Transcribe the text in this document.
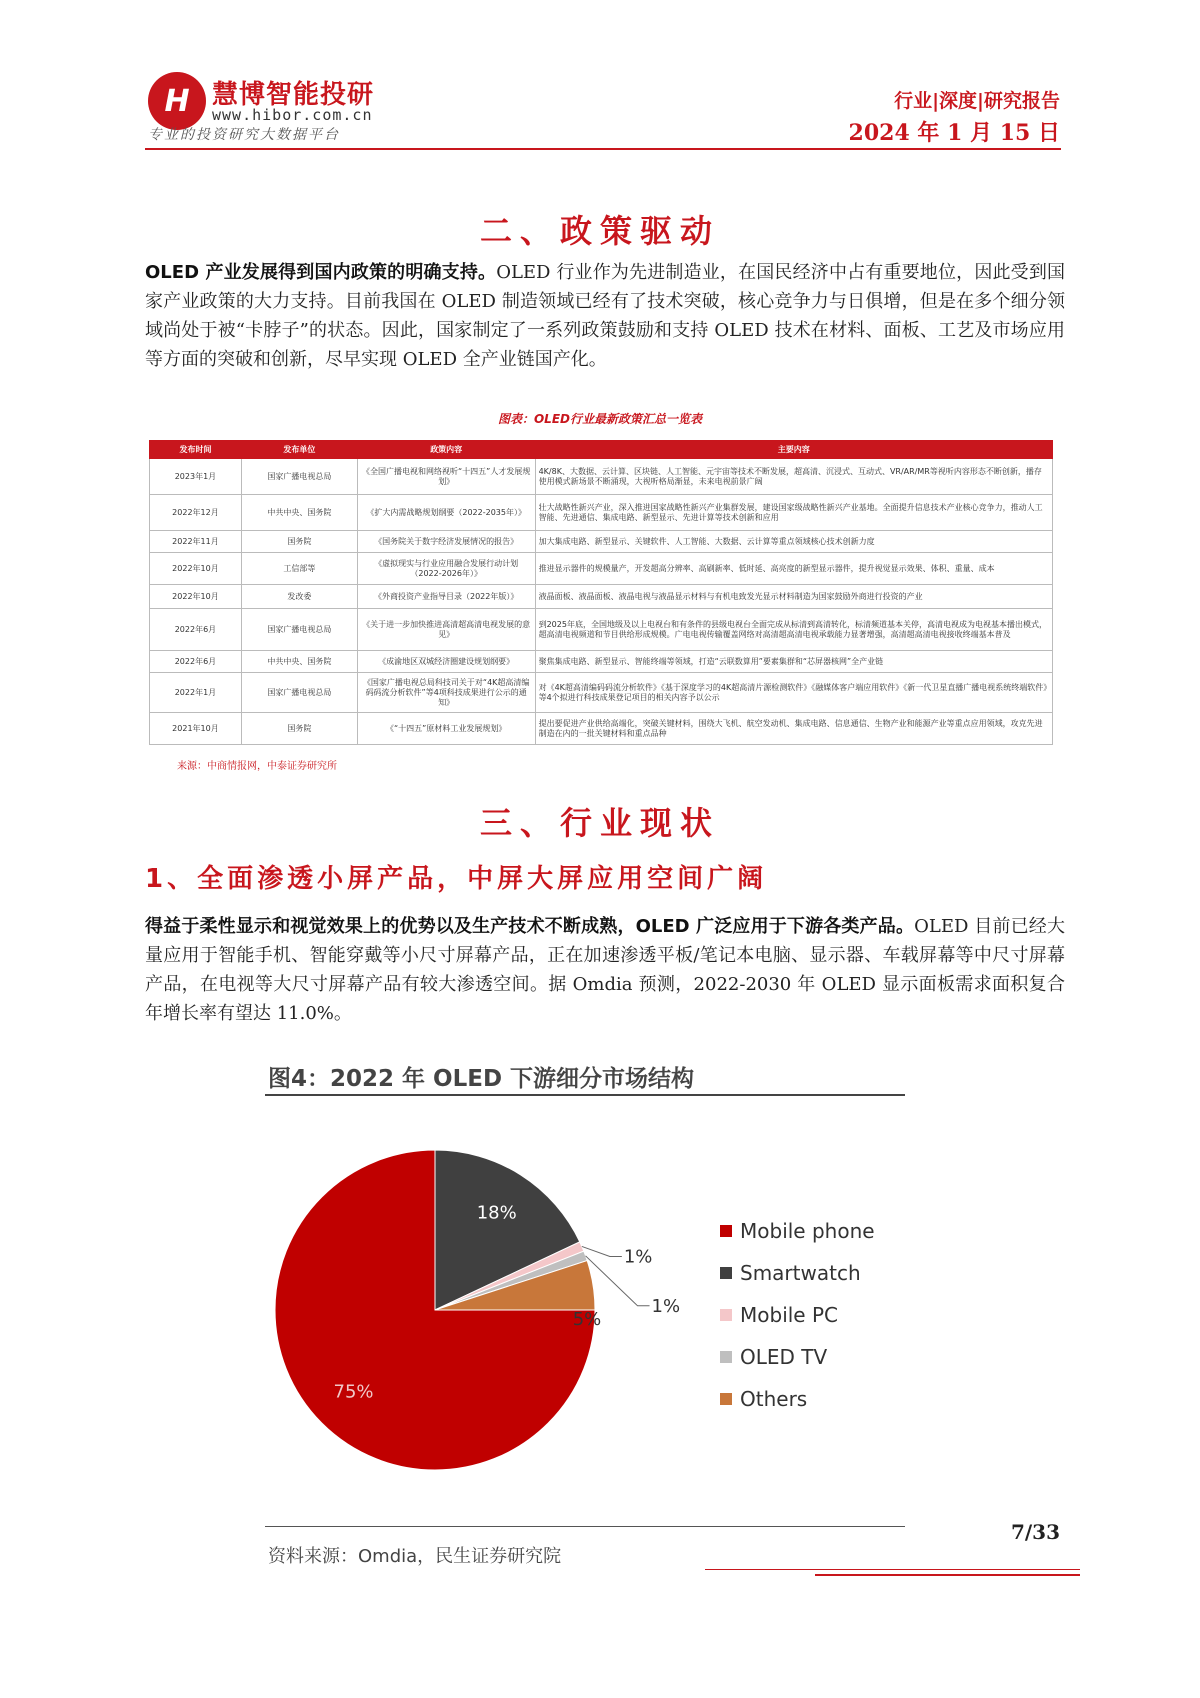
H 慧博智能投研
www.hibor.com.cn
专业的投资研究大数据平台
行业|深度|研究报告
2024 年 1 月 15 日
二、政策驱动
OLED 产业发展得到国内政策的明确支持。OLED 行业作为先进制造业，在国民经济中占有重要地位，因此受到国家产业政策的大力支持。目前我国在 OLED 制造领域已经有了技术突破，核心竞争力与日俱增，但是在多个细分领域尚处于被“卡脖子”的状态。因此，国家制定了一系列政策鼓励和支持 OLED 技术在材料、面板、工艺及市场应用等方面的突破和创新，尽早实现 OLED 全产业链国产化。
图表：OLED行业最新政策汇总一览表
发布时间	发布单位	政策内容	主要内容
2023年1月	国家广播电视总局	《全国广播电视和网络视听“十四五”人才发展规划》	4K/8K、大数据、云计算、区块链、人工智能、元宇宙等技术不断发展，超高清、沉浸式、互动式、VR/AR/MR等视听内容形态不断创新，播存使用模式新场景不断涌现，大视听格局渐显，未来电视前景广阔
2022年12月	中共中央、国务院	《扩大内需战略规划纲要（2022-2035年）》	壮大战略性新兴产业，深入推进国家战略性新兴产业集群发展，建设国家级战略性新兴产业基地。全面提升信息技术产业核心竞争力，推动人工智能、先进通信、集成电路、新型显示、先进计算等技术创新和应用
2022年11月	国务院	《国务院关于数字经济发展情况的报告》	加大集成电路、新型显示、关键软件、人工智能、大数据、云计算等重点领域核心技术创新力度
2022年10月	工信部等	《虚拟现实与行业应用融合发展行动计划（2022-2026年）》	推进显示器件的规模量产，开发超高分辨率、高刷新率、低时延、高亮度的新型显示器件，提升视觉显示效果、体积、重量、成本
2022年10月	发改委	《外商投资产业指导目录（2022年版）》	液晶面板、液晶面板、液晶电视与液晶显示材料与有机电致发光显示材料制造为国家鼓励外商进行投资的产业
2022年6月	国家广播电视总局	《关于进一步加快推进高清超高清电视发展的意见》	到2025年底，全国地级及以上电视台和有条件的县级电视台全面完成从标清到高清转化，标清频道基本关停，高清电视成为电视基本播出模式，超高清电视频道和节目供给形成规模。广电电视传输覆盖网络对高清超高清电视承载能力显著增强，高清超高清电视接收终端基本普及
2022年6月	中共中央、国务院	《成渝地区双城经济圈建设规划纲要》	聚焦集成电路、新型显示、智能终端等领域，打造“云联数算用”要素集群和“芯屏器核网”全产业链
2022年1月	国家广播电视总局	《国家广播电视总局科技司关于对“4K超高清编码码流分析软件”等4项科技成果进行公示的通知》	对《4K超高清编码码流分析软件》《基于深度学习的4K超高清片源检测软件》《融媒体客户端应用软件》《新一代卫星直播广播电视系统终端软件》等4个拟进行科技成果登记项目的相关内容予以公示
2021年10月	国务院	《“十四五”原材料工业发展规划》	提出要促进产业供给高端化，突破关键材料，围绕大飞机、航空发动机、集成电路、信息通信、生物产业和能源产业等重点应用领域，攻克先进制造在内的一批关键材料和重点品种
来源：中商情报网，中泰证券研究所
三、行业现状
1、全面渗透小屏产品，中屏大屏应用空间广阔
得益于柔性显示和视觉效果上的优势以及生产技术不断成熟，OLED 广泛应用于下游各类产品。OLED 目前已经大量应用于智能手机、智能穿戴等小尺寸屏幕产品，正在加速渗透平板/笔记本电脑、显示器、车载屏幕等中尺寸屏幕产品，在电视等大尺寸屏幕产品有较大渗透空间。据 Omdia 预测，2022-2030 年 OLED 显示面板需求面积复合年增长率有望达 11.0%。
图4：2022 年 OLED 下游细分市场结构
75%
18%
1%
1%
5%
Mobile phone
Smartwatch
Mobile PC
OLED TV
Others
资料来源：Omdia，民生证券研究院
7/33
